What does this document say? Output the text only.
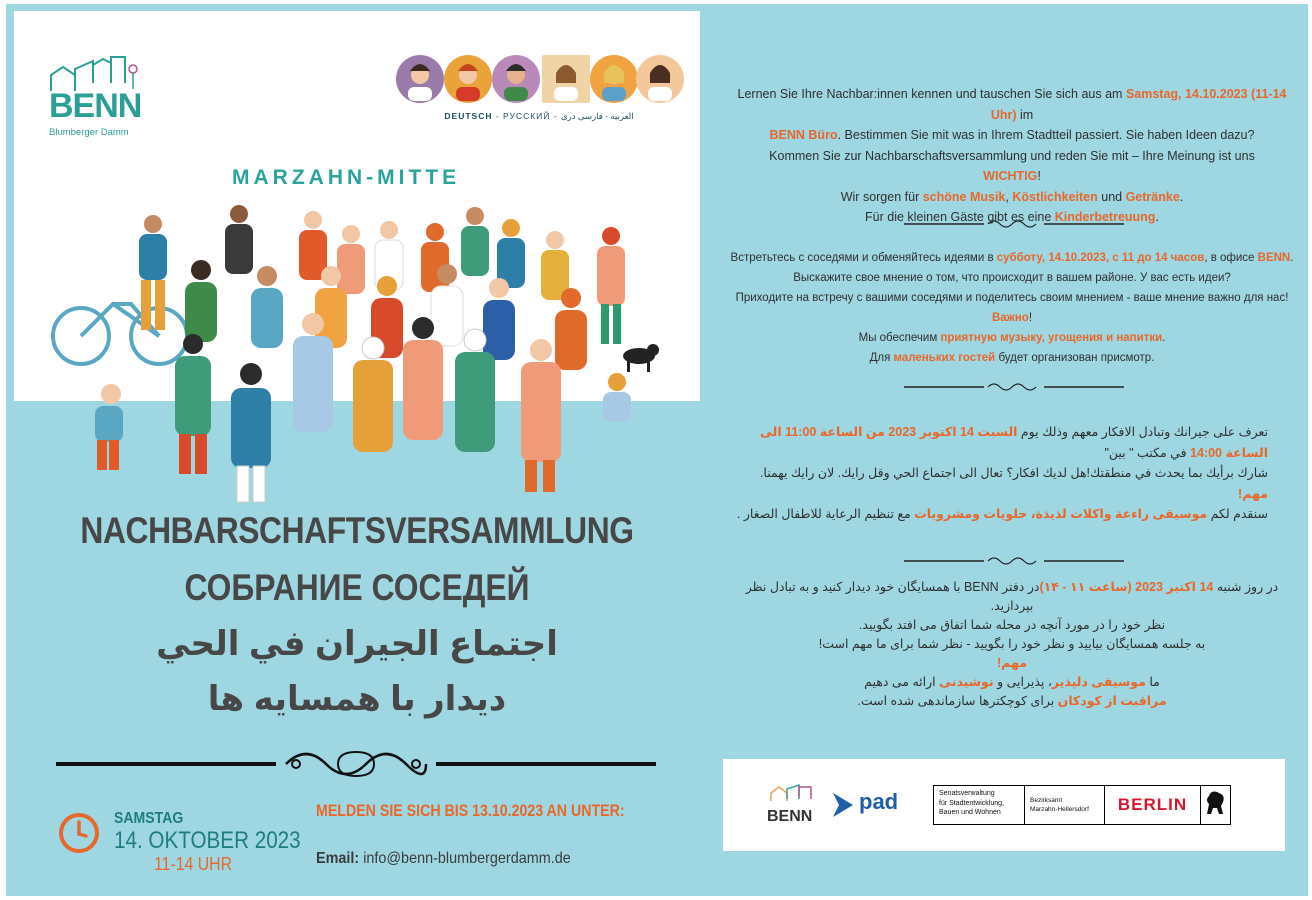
BENN
Blumberger Damm
DEUTSCH - РУССКИЙ - العربيه - فارسی دری
MARZAHN-MITTE
NACHBARSCHAFTSVERSAMMLUNG
СОБРАНИЕ СОСЕДЕЙ
اجتماع الجيران في الحي
دیدار با همسایه ها
SAMSTAG
14. OKTOBER 2023
11-14 UHR
MELDEN SIE SICH BIS 13.10.2023 AN UNTER:
Email: info@benn-blumbergerdamm.de
Lernen Sie Ihre Nachbar:innen kennen und tauschen Sie sich aus am Samstag, 14.10.2023 (11-14 Uhr) im
BENN Büro. Bestimmen Sie mit was in Ihrem Stadtteil passiert. Sie haben Ideen dazu?
Kommen Sie zur Nachbarschaftsversammlung und reden Sie mit – Ihre Meinung ist uns
WICHTIG!
Wir sorgen für schöne Musik, Köstlichkeiten und Getränke.
Für die kleinen Gäste gibt es eine Kinderbetreuung.
Встретьтесь с соседями и обменяйтесь идеями в субботу, 14.10.2023, с 11 до 14 часов, в офисе BENN.
Выскажите свое мнение о том, что происходит в вашем районе. У вас есть идеи?
Приходите на встречу с вашими соседями и поделитесь своим мнением - ваше мнение важно для нас!
Важно!
Мы обеспечим приятную музыку, угощения и напитки.
Для маленьких гостей будет организован присмотр.
تعرف على جيرانك وتبادل الافكار معهم وذلك يوم السبت 14 اكتوبر 2023 من الساعة 11:00 الى الساعة 14:00 في مكتب " بين"
شارك برأيك بما يحدث في منطقتك!هل لديك افكار؟ تعال الى اجتماع الحي وقل رايك. لان رايك يهمنا.
مهم!
سنقدم لكم موسيقى راءعة واكلات لذيذة، حلويات ومشروبات مع تنظيم الرعاية للاطفال الصغار .
در روز شنبه 14 اکتبر 2023 (ساعت ۱۱ - ۱۴)در دفتر BENN با همسایگان خود دیدار کنید و به تبادل نظر بپردازید.
نظر خود را در مورد آنچه در محله شما اتفاق می افتد بگویید.
به جلسه همسایگان بیایید و نظر خود را بگویید - نظر شما برای ما مهم است!
مهم!
ما موسیقی دلپذیر، پذیرایی و نوشیدنی ارائه می دهیم
مراقبت از کودکان برای کوچکترها سازماندهی شده است.
BENN
pad	Senatsverwaltung
für Stadtentwicklung,
Bauen und Wohnen
Bezirksamt
Marzahn-Hellersdorf	BERLIN
